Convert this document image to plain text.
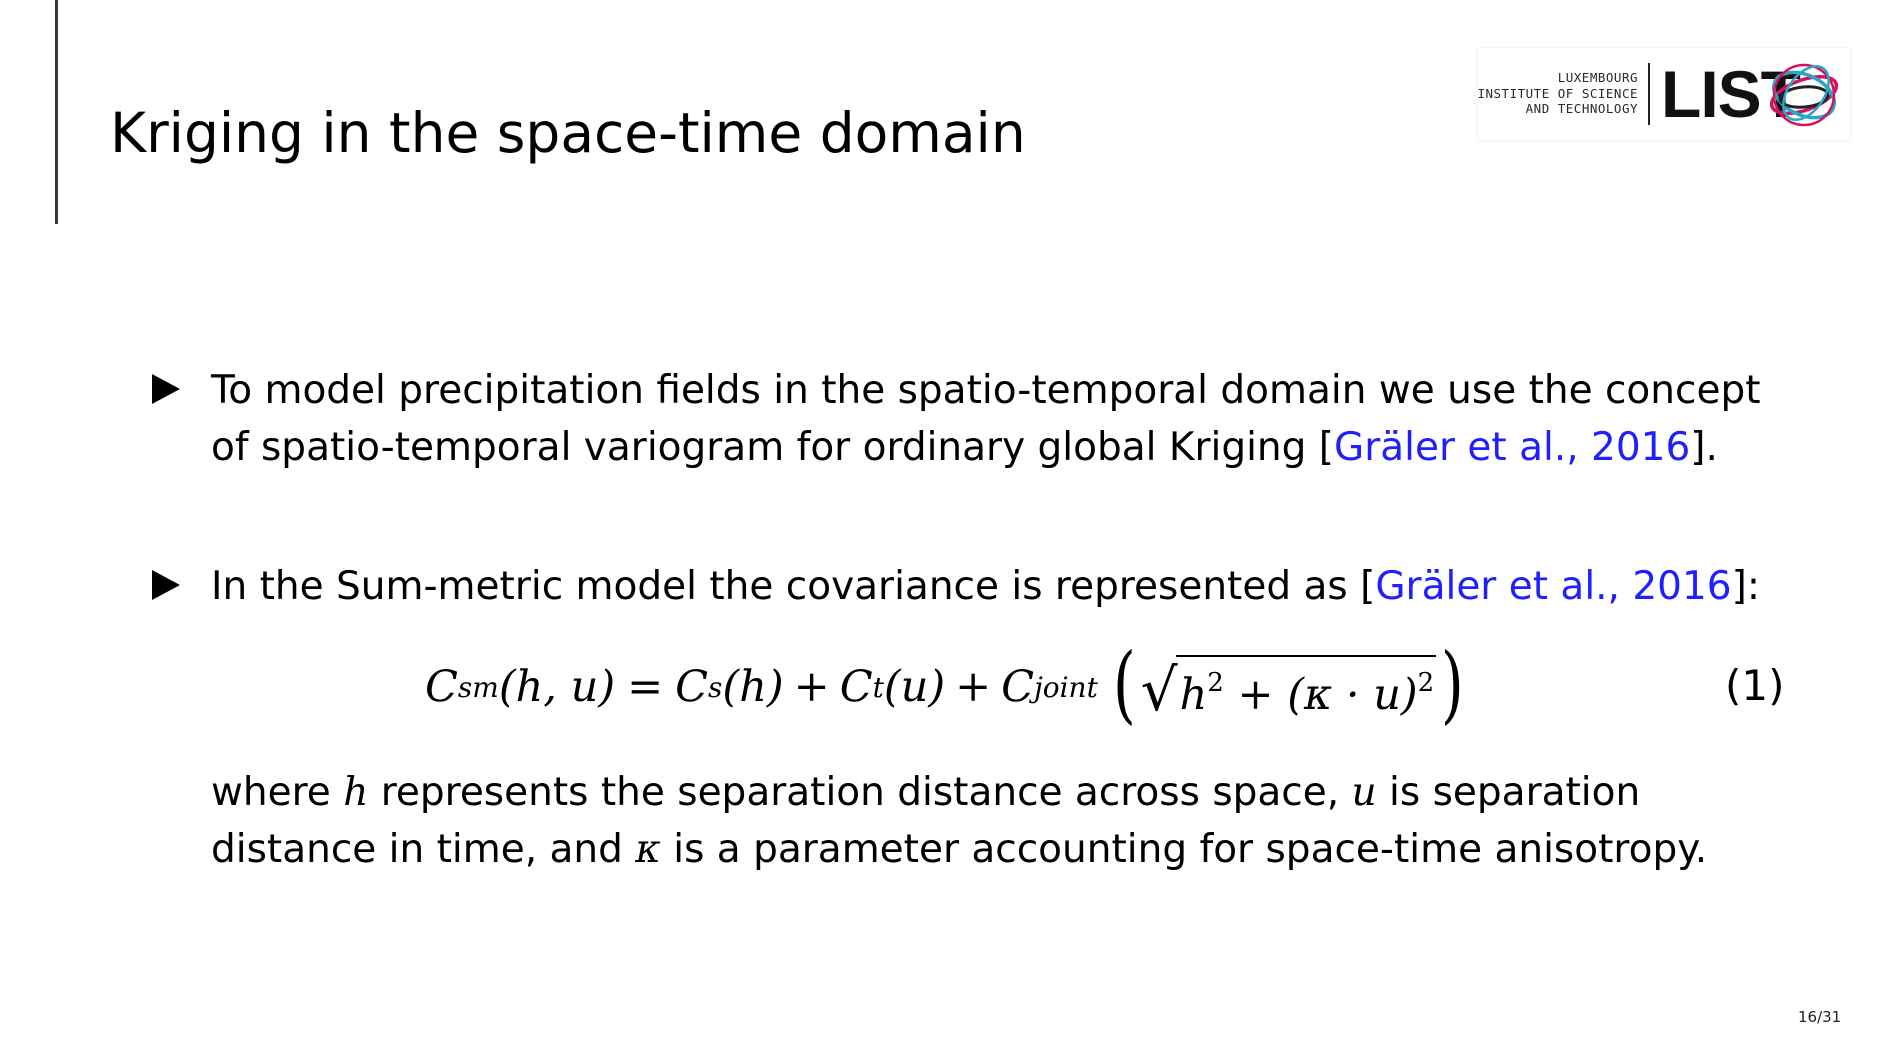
Kriging in the space-time domain
LUXEMBOURG
INSTITUTE OF SCIENCE
AND TECHNOLOGY LIST
To model precipitation fields in the spatio-temporal domain we use the concept of spatio-temporal variogram for ordinary global Kriging [Gräler et al., 2016].
In the Sum-metric model the covariance is represented as [Gräler et al., 2016]:
C sm (h, u) = C s (h) + C t (u) + C joint ( √ $h^2 + (\kappa \cdot u)^2$ )	(1)
where h represents the separation distance across space, u is separation distance in time, and κ is a parameter accounting for space-time anisotropy.
16/31
